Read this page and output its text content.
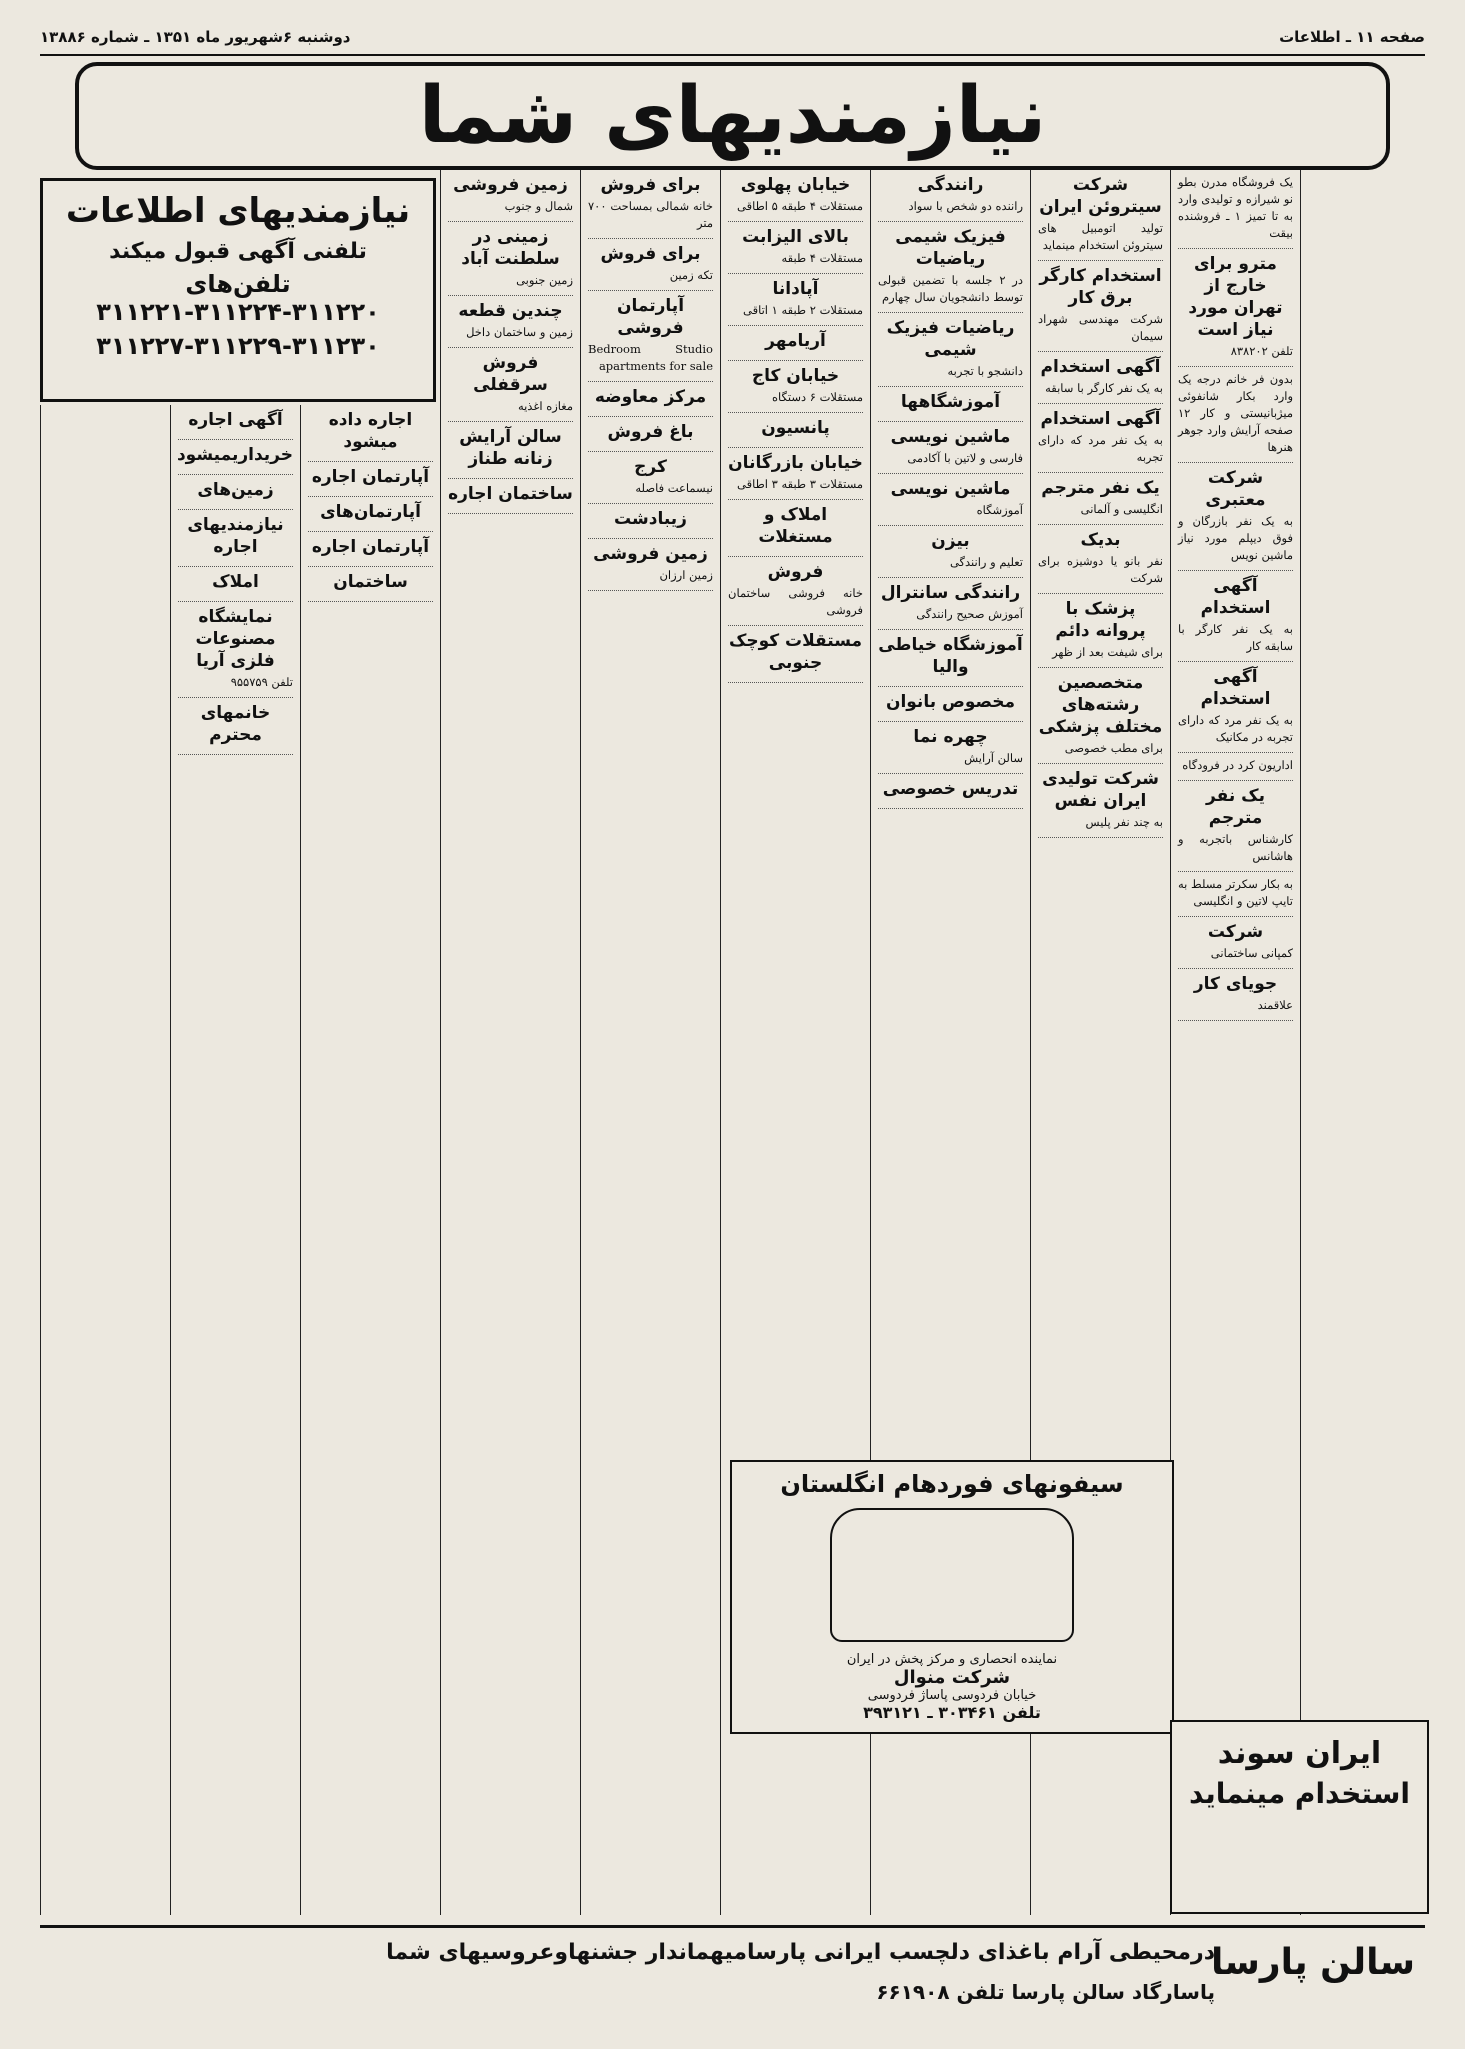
صفحه ۱۱ ـ اطلاعات
دوشنبه ۶شهریور ماه ۱۳۵۱ ـ شماره ۱۳۸۸۶
نیازمندیهای شما
یک فروشگاه مدرن بطو نو شیرازه و تولیدی وارد به تا تمیز ۱ ـ فروشنده بیقت
مترو برای خارج از تهران مورد نیاز است
تلفن ۸۳۸۲۰۲
بدون فر خانم درجه یک وارد بکار شانفوئی میژبانیستی و کار ۱۲ صفحه آرایش وارد جوهر هنرها
شرکت معتبری
به یک نفر بازرگان و فوق دیپلم مورد نیاز ماشین نویس
آگهی استخدام
به یک نفر کارگر با سابقه کار
آگهی استخدام
به یک نفر مرد که دارای تجربه در مکانیک
اداریون کرد در فرودگاه
یک نفر مترجم
کارشناس باتجربه و هاشانس
به بکار سکرتر مسلط به تایپ لاتین و انگلیسی
شرکت
کمپانی ساختمانی
جویای کار
علاقمند
رانندگی
راننده دو شخص با سواد
فیزیک شیمی ریاضیات
در ۲ جلسه با تضمین قبولی توسط دانشجویان سال چهارم
ریاضیات فیزیک شیمی
دانشجو با تجربه
آموزشگاهها
ماشین نویسی
فارسی و لاتین با آکادمی
ماشین نویسی
آموزشگاه
بیزن
تعلیم و رانندگی
رانندگی سانترال
آموزش صحیح رانندگی
آموزشگاه خیاطی والیا
مخصوص بانوان
چهره نما
سالن آرایش
تدریس خصوصی
خیابان پهلوی
مستقلات ۴ طبقه ۵ اطاقی
بالای الیزابت
مستقلات ۴ طبقه
آپادانا
مستقلات ۲ طبقه ۱ اتاقی
آریامهر
خیابان کاج
مستقلات ۶ دستگاه
پانسیون
خیابان بازرگانان
مستقلات ۳ طبقه ۳ اطاقی
املاک و مستغلات
فروش
خانه فروشی ساختمان فروشی
مستقلات کوچک جنوبی
برای فروش
خانه شمالی بمساحت ۷۰۰ متر
برای فروش
تکه زمین
آپارتمان فروشی
Bedroom Studio apartments for sale
مرکز معاوضه
باغ فروش
کرج
نیسماعت فاصله
زیبادشت
زمین فروشی
زمین ارزان
زمین فروشی
شمال و جنوب
زمینی در سلطنت آباد
زمین جنوبی
چندین قطعه
زمین و ساختمان داخل
فروش سرقفلی
مغازه اغذیه
سالن آرایش زنانه طناز
ساختمان اجاره
اجاره داده میشود
آپارتمان اجاره
آپارتمان‌های
آپارتمان اجاره
ساختمان
آگهی اجاره
خریداریمیشود
زمین‌های
نیازمندیهای اجاره
املاک
نمایشگاه مصنوعات فلزی آریا
تلفن ۹۵۵۷۵۹
خانمهای محترم
شرکت سیتروئن ایران
تولید اتومبیل های سیتروئن استخدام مینماید
استخدام کارگر برق کار
شرکت مهندسی شهراد سیمان
آگهی استخدام
به یک نفر کارگر با سابقه
آگهی استخدام
به یک نفر مرد که دارای تجربه
یک نفر مترجم
انگلیسی و آلمانی
بدیک
نفر بانو یا دوشیزه برای شرکت
پزشک با پروانه دائم
برای شیفت بعد از ظهر
متخصصین رشته‌های مختلف پزشکی
برای مطب خصوصی
شرکت تولیدی ایران نفس
به چند نفر پلیس
نیازمندیهای اطلاعات
تلفنی آگهی قبول میکند
تلفن‌های ۳۱۱۲۲۰-۳۱۱۲۲۴-۳۱۱۲۲۱
۳۱۱۲۲۷-۳۱۱۲۲۹-۳۱۱۲۳۰
سیفونهای فوردهام انگلستان
نماینده انحصاری و مرکز پخش در ایران
شرکت منوال
خیابان فردوسی پاساژ فردوسی
تلفن ۳۰۳۴۶۱ ـ ۳۹۳۱۲۱
ایران سوند
استخدام مینماید
سالن پارسا
درمحیطی آرام باغذای دلچسب ایرانی پارسامیهماندار جشنهاوعروسیهای شما
پاسارگاد سالن پارسا تلفن ۶۶۱۹۰۸
